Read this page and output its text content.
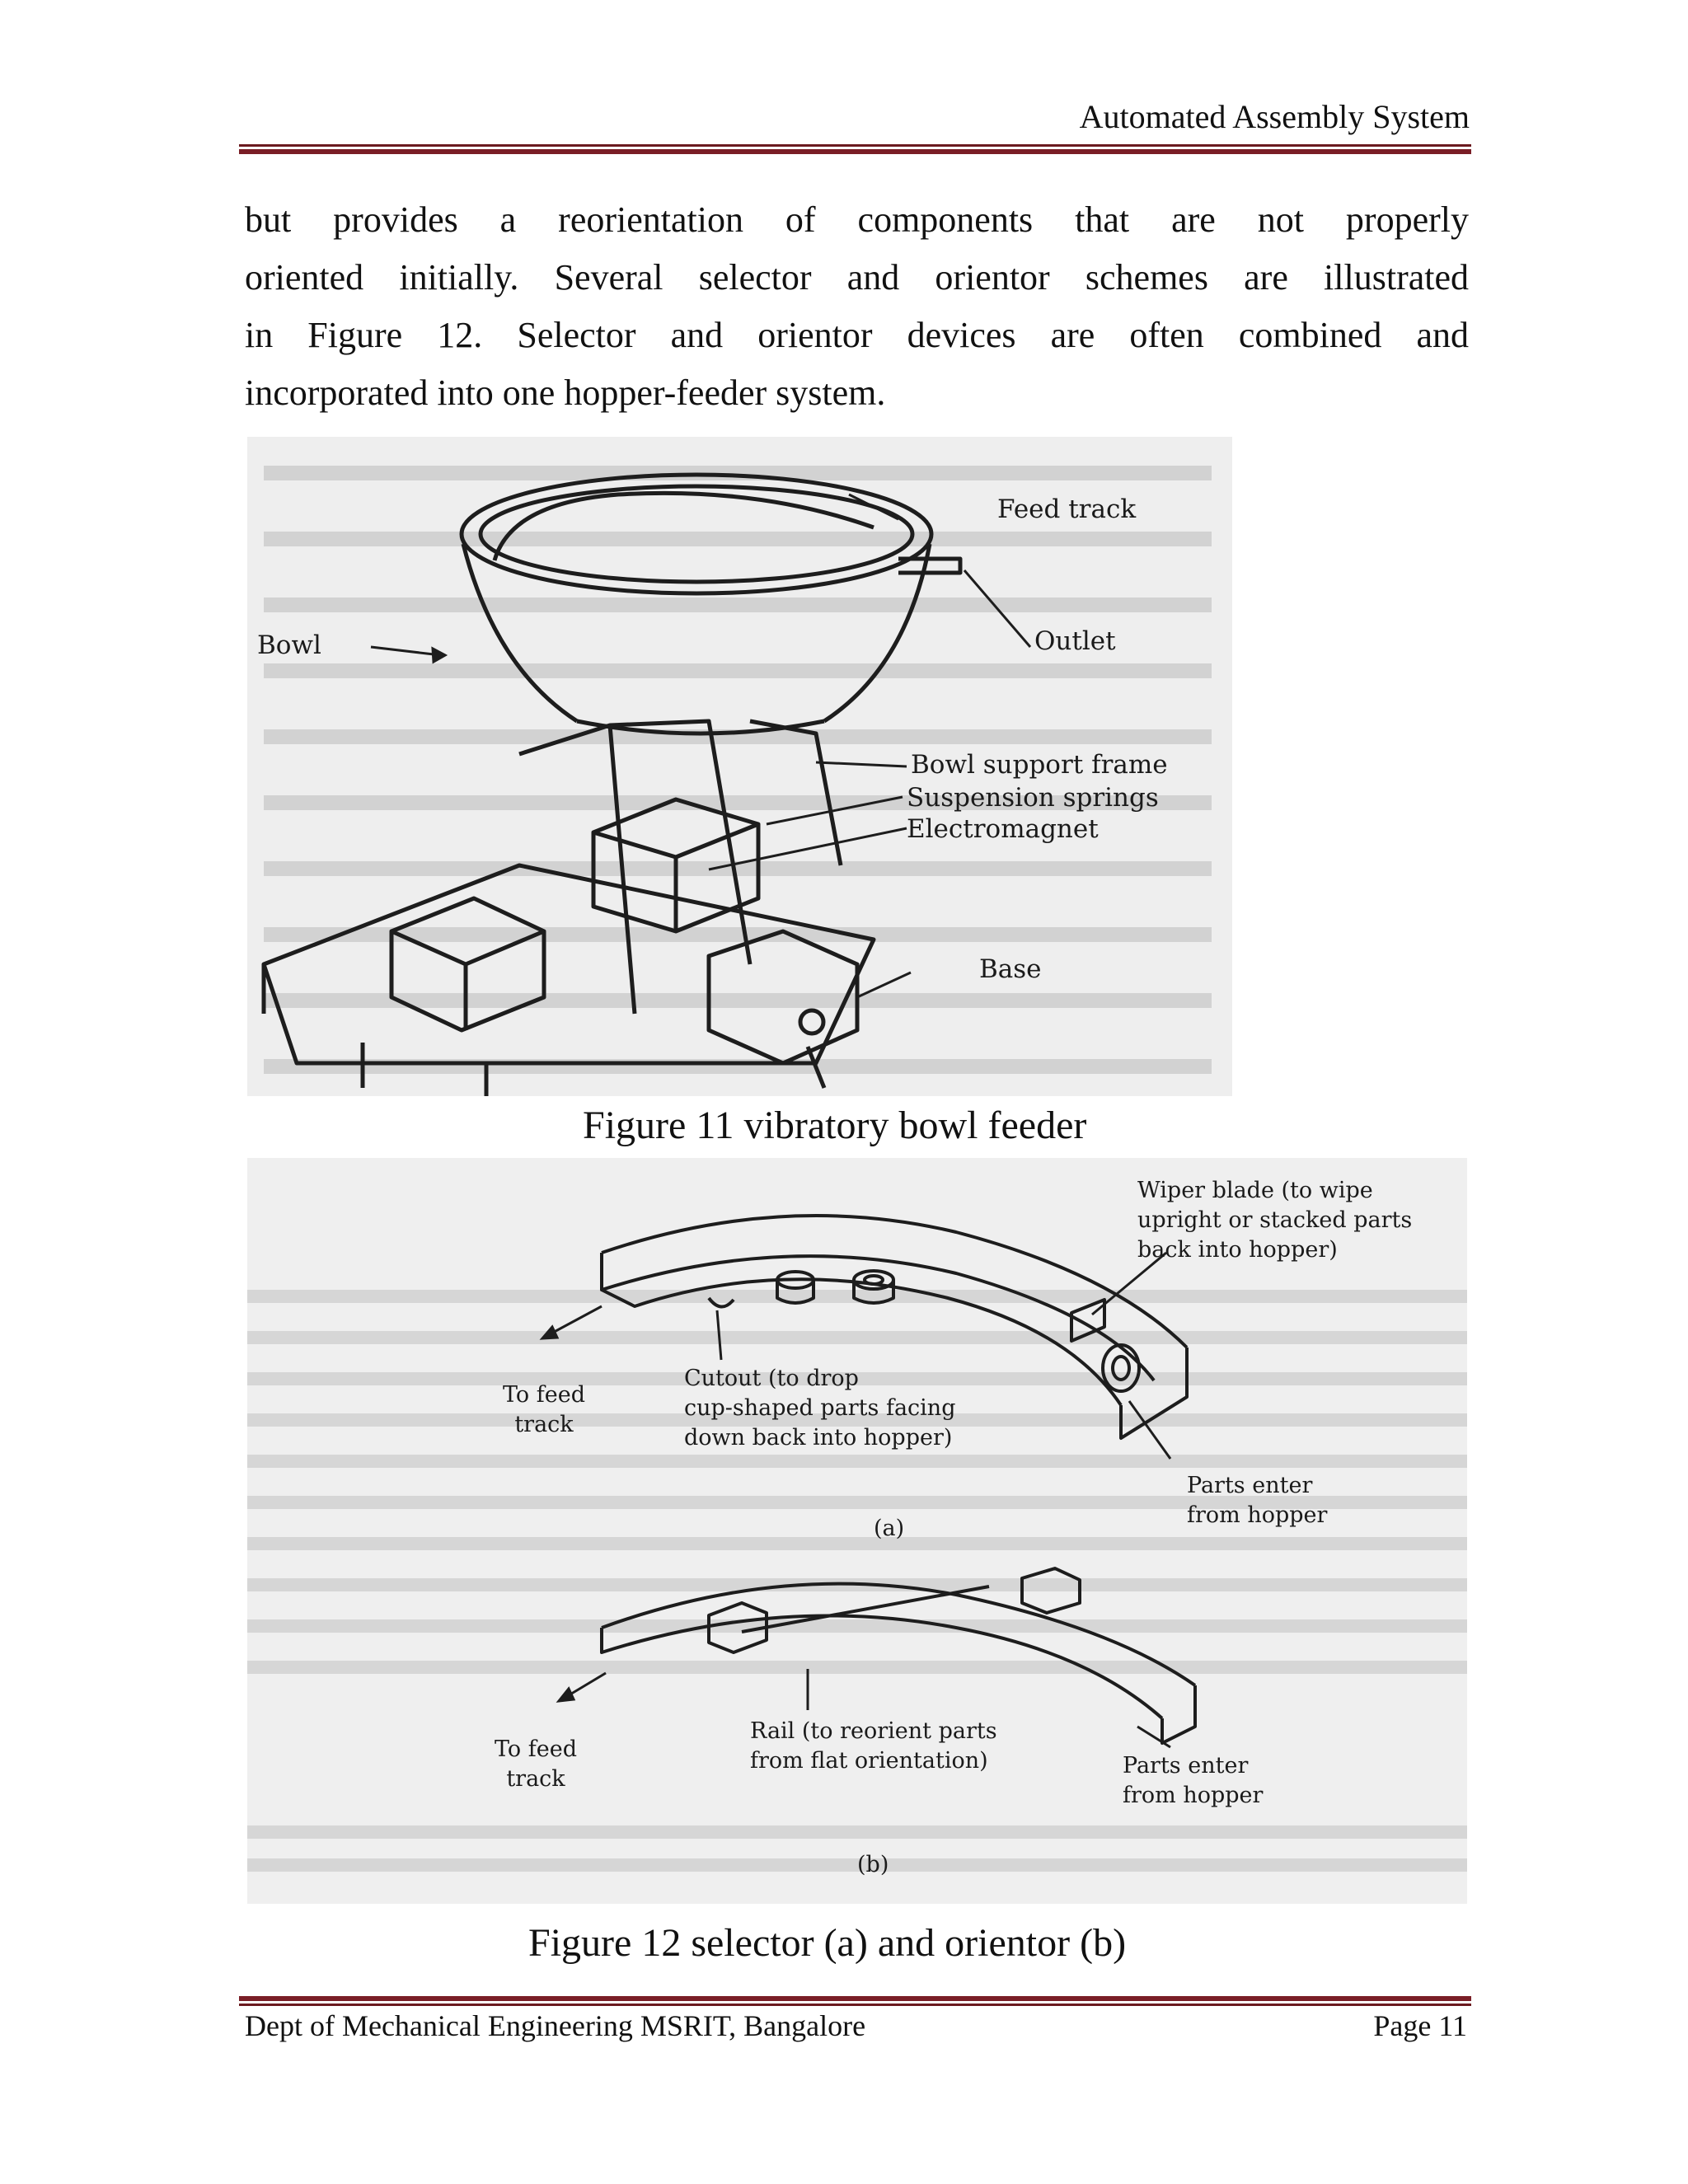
Automated Assembly System

but provides a reorientation of components that are not properly
oriented initially. Several selector and orientor schemes are illustrated
in Figure 12. Selector and orientor devices are often combined and
incorporated into one hopper-feeder system.

Feed track
Bowl	Outlet
Bowl support frame
Suspension springs
Electromagnet
Base
Figure 11 vibratory bowl feeder
Wiper blade (to wipe
upright or stacked parts
back into hopper)
Cutout (to drop
cup-shaped parts facing
down back into hopper)
To feed
track
Parts enter
from hopper
(a)
Rail (to reorient parts
from flat orientation)
To feed
track
Parts enter
from hopper
(b)
Figure 12 selector (a) and orientor (b)
Dept of Mechanical Engineering MSRIT, Bangalore	Page 11
